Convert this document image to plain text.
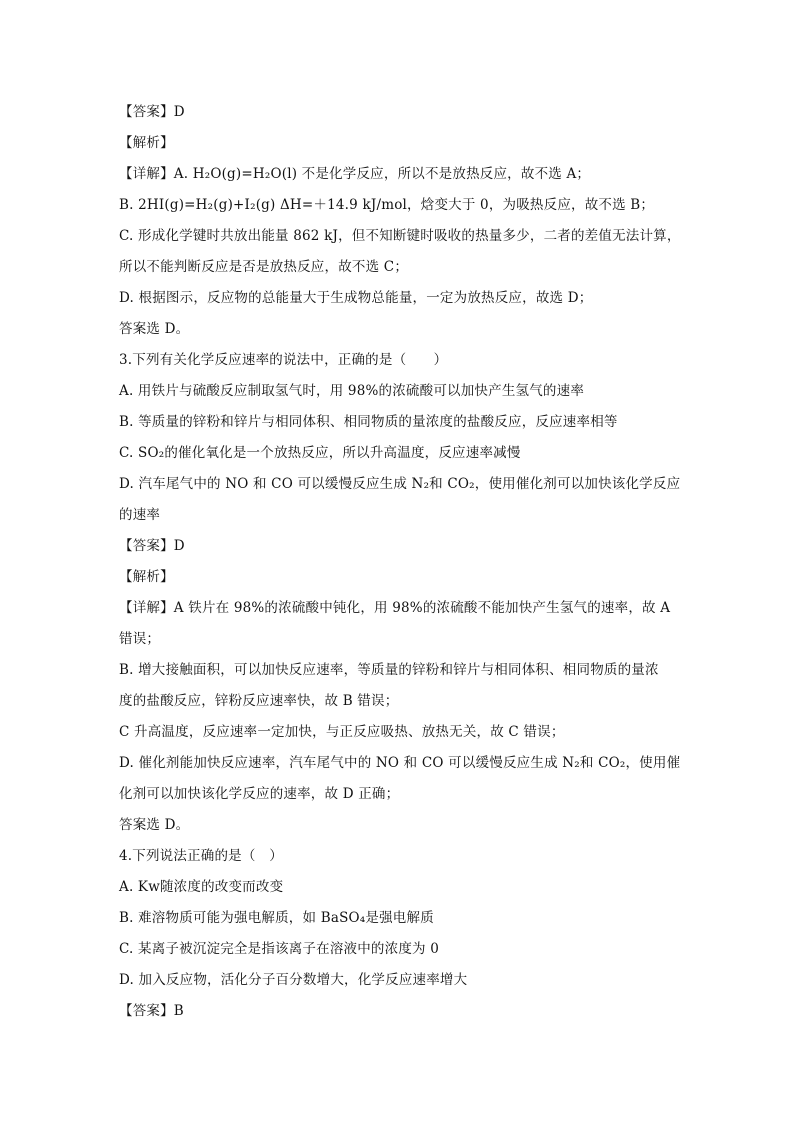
【答案】D
【解析】
【详解】A. H₂O(g)=H₂O(l) 不是化学反应，所以不是放热反应，故不选 A；
B. 2HI(g)=H₂(g)+I₂(g) ΔH=＋14.9 kJ/mol，焓变大于 0，为吸热反应，故不选 B；
C. 形成化学键时共放出能量 862 kJ，但不知断键时吸收的热量多少，二者的差值无法计算，
所以不能判断反应是否是放热反应，故不选 C；
D. 根据图示，反应物的总能量大于生成物总能量，一定为放热反应，故选 D；
答案选 D。
3.下列有关化学反应速率的说法中，正确的是（　　）
A. 用铁片与硫酸反应制取氢气时，用 98%的浓硫酸可以加快产生氢气的速率
B. 等质量的锌粉和锌片与相同体积、相同物质的量浓度的盐酸反应，反应速率相等
C. SO₂的催化氧化是一个放热反应，所以升高温度，反应速率减慢
D. 汽车尾气中的 NO 和 CO 可以缓慢反应生成 N₂和 CO₂，使用催化剂可以加快该化学反应
的速率
【答案】D
【解析】
【详解】A 铁片在 98%的浓硫酸中钝化，用 98%的浓硫酸不能加快产生氢气的速率，故 A
错误；
B. 增大接触面积，可以加快反应速率，等质量的锌粉和锌片与相同体积、相同物质的量浓
度的盐酸反应，锌粉反应速率快，故 B 错误；
C 升高温度，反应速率一定加快，与正反应吸热、放热无关，故 C 错误；
D. 催化剂能加快反应速率，汽车尾气中的 NO 和 CO 可以缓慢反应生成 N₂和 CO₂，使用催
化剂可以加快该化学反应的速率，故 D 正确；
答案选 D。
4.下列说法正确的是（　）
A. Kw随浓度的改变而改变
B. 难溶物质可能为强电解质，如 BaSO₄是强电解质
C. 某离子被沉淀完全是指该离子在溶液中的浓度为 0
D. 加入反应物，活化分子百分数增大，化学反应速率增大
【答案】B
